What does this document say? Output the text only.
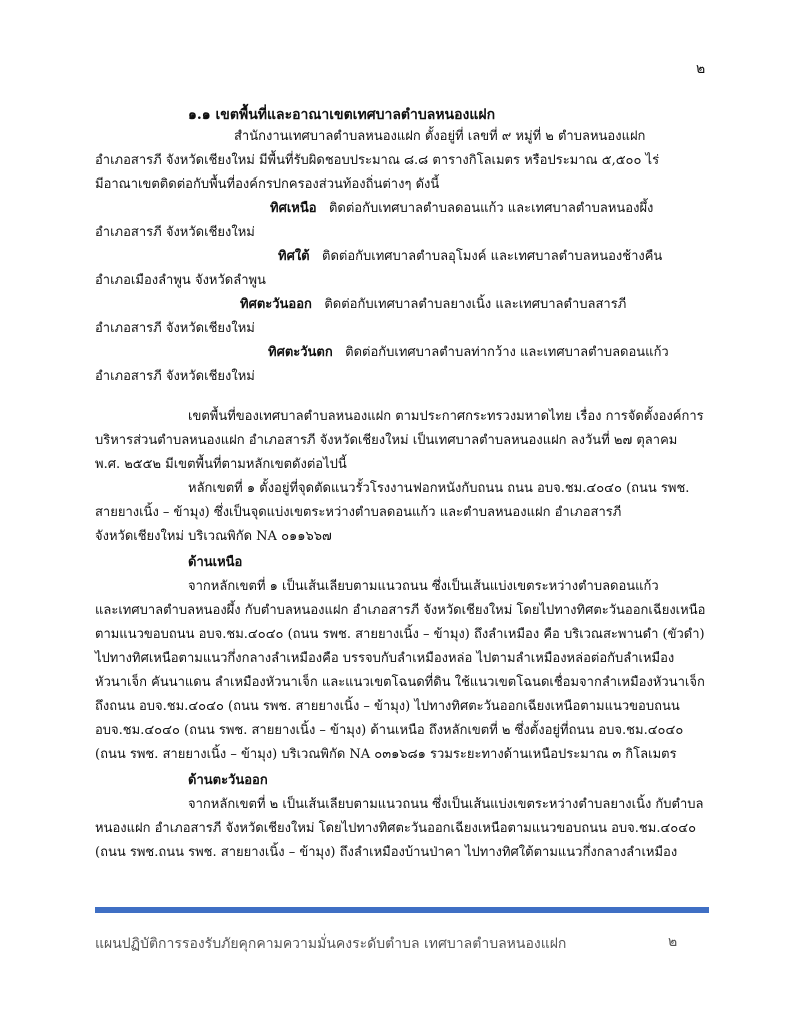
๒
๑.๑ เขตพื้นที่และอาณาเขตเทศบาลตำบลหนองแฝก
สำนักงานเทศบาลตำบลหนองแฝก ตั้งอยู่ที่ เลขที่ ๙ หมู่ที่ ๒ ตำบลหนองแฝก
อำเภอสารภี จังหวัดเชียงใหม่ มีพื้นที่รับผิดชอบประมาณ ๘.๘ ตารางกิโลเมตร หรือประมาณ ๕,๕๐๐ ไร่
มีอาณาเขตติดต่อกับพื้นที่องค์กรปกครองส่วนท้องถิ่นต่างๆ ดังนี้
ทิศเหนือ ติดต่อกับเทศบาลตำบลดอนแก้ว และเทศบาลตำบลหนองผึ้ง
อำเภอสารภี จังหวัดเชียงใหม่
ทิศใต้ ติดต่อกับเทศบาลตำบลอุโมงค์ และเทศบาลตำบลหนองช้างคืน
อำเภอเมืองลำพูน จังหวัดลำพูน
ทิศตะวันออก ติดต่อกับเทศบาลตำบลยางเนิ้ง และเทศบาลตำบลสารภี
อำเภอสารภี จังหวัดเชียงใหม่
ทิศตะวันตก ติดต่อกับเทศบาลตำบลท่ากว้าง และเทศบาลตำบลดอนแก้ว
อำเภอสารภี จังหวัดเชียงใหม่
เขตพื้นที่ของเทศบาลตำบลหนองแฝก ตามประกาศกระทรวงมหาดไทย เรื่อง การจัดตั้งองค์การ
บริหารส่วนตำบลหนองแฝก อำเภอสารภี จังหวัดเชียงใหม่ เป็นเทศบาลตำบลหนองแฝก ลงวันที่ ๒๗ ตุลาคม
พ.ศ. ๒๕๕๒ มีเขตพื้นที่ตามหลักเขตดังต่อไปนี้
หลักเขตที่ ๑ ตั้งอยู่ที่จุดตัดแนวรั้วโรงงานฟอกหนังกับถนน ถนน อบจ.ชม.๔๐๔๐ (ถนน รพช.
สายยางเนิ้ง – ข้ามุง) ซึ่งเป็นจุดแบ่งเขตระหว่างตำบลดอนแก้ว และตำบลหนองแฝก อำเภอสารภี
จังหวัดเชียงใหม่ บริเวณพิกัด NA ๐๑๑๖๖๗
ด้านเหนือ
จากหลักเขตที่ ๑ เป็นเส้นเลียบตามแนวถนน ซึ่งเป็นเส้นแบ่งเขตระหว่างตำบลดอนแก้ว
และเทศบาลตำบลหนองผึ้ง กับตำบลหนองแฝก อำเภอสารภี จังหวัดเชียงใหม่ โดยไปทางทิศตะวันออกเฉียงเหนือ
ตามแนวขอบถนน อบจ.ชม.๔๐๔๐ (ถนน รพช. สายยางเนิ้ง – ข้ามุง) ถึงลำเหมือง คือ บริเวณสะพานดำ (ขัวดำ)
ไปทางทิศเหนือตามแนวกึ่งกลางลำเหมืองคือ บรรจบกับลำเหมืองหล่อ ไปตามลำเหมืองหล่อต่อกับลำเหมือง
หัวนาเจ็ก คันนาแดน ลำเหมืองหัวนาเจ็ก และแนวเขตโฉนดที่ดิน ใช้แนวเขตโฉนดเชื่อมจากลำเหมืองหัวนาเจ็ก
ถึงถนน อบจ.ชม.๔๐๔๐ (ถนน รพช. สายยางเนิ้ง – ข้ามุง) ไปทางทิศตะวันออกเฉียงเหนือตามแนวขอบถนน
อบจ.ชม.๔๐๔๐ (ถนน รพช. สายยางเนิ้ง – ข้ามุง) ด้านเหนือ ถึงหลักเขตที่ ๒ ซึ่งตั้งอยู่ที่ถนน อบจ.ชม.๔๐๔๐
(ถนน รพช. สายยางเนิ้ง – ข้ามุง) บริเวณพิกัด NA ๐๓๑๖๘๑ รวมระยะทางด้านเหนือประมาณ ๓ กิโลเมตร
ด้านตะวันออก
จากหลักเขตที่ ๒ เป็นเส้นเลียบตามแนวถนน ซึ่งเป็นเส้นแบ่งเขตระหว่างตำบลยางเนิ้ง กับตำบล
หนองแฝก อำเภอสารภี จังหวัดเชียงใหม่ โดยไปทางทิศตะวันออกเฉียงเหนือตามแนวขอบถนน อบจ.ชม.๔๐๔๐
(ถนน รพช.ถนน รพช. สายยางเนิ้ง – ข้ามุง) ถึงลำเหมืองบ้านป่าคา ไปทางทิศใต้ตามแนวกึ่งกลางลำเหมือง
แผนปฏิบัติการรองรับภัยคุกคามความมั่นคงระดับตำบล เทศบาลตำบลหนองแฝก	๒
